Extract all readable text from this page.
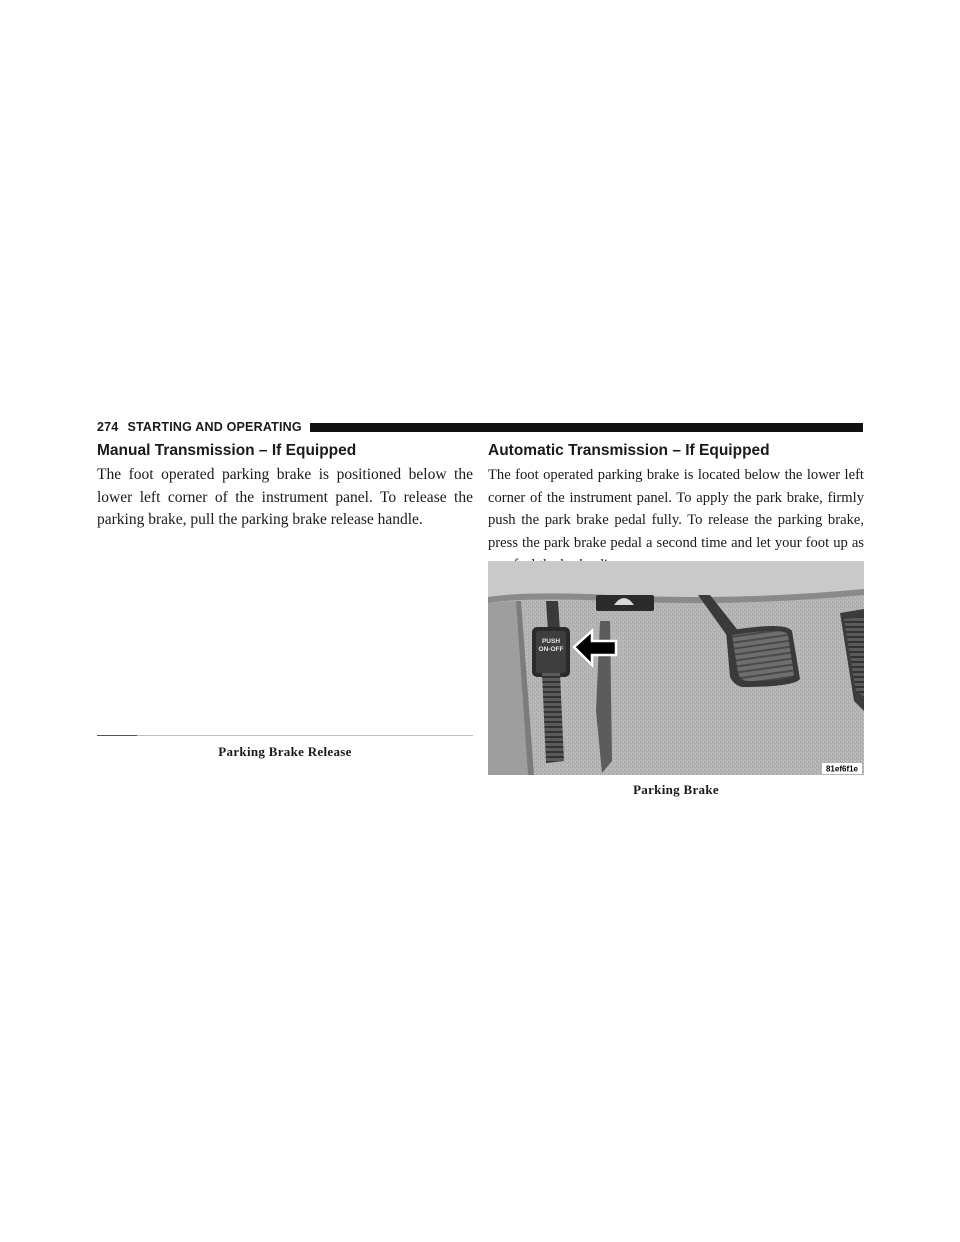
274 STARTING AND OPERATING
Manual Transmission – If Equipped

The foot operated parking brake is positioned below the lower left corner of the instrument panel. To release the parking brake, pull the parking brake release handle.

Parking Brake Release
Automatic Transmission – If Equipped

The foot operated parking brake is located below the lower left corner of the instrument panel. To apply the park brake, firmly push the park brake pedal fully. To release the parking brake, press the park brake pedal a second time and let your foot up as

PUSH
ON-OFF
81ef6f1e
Parking Brake
